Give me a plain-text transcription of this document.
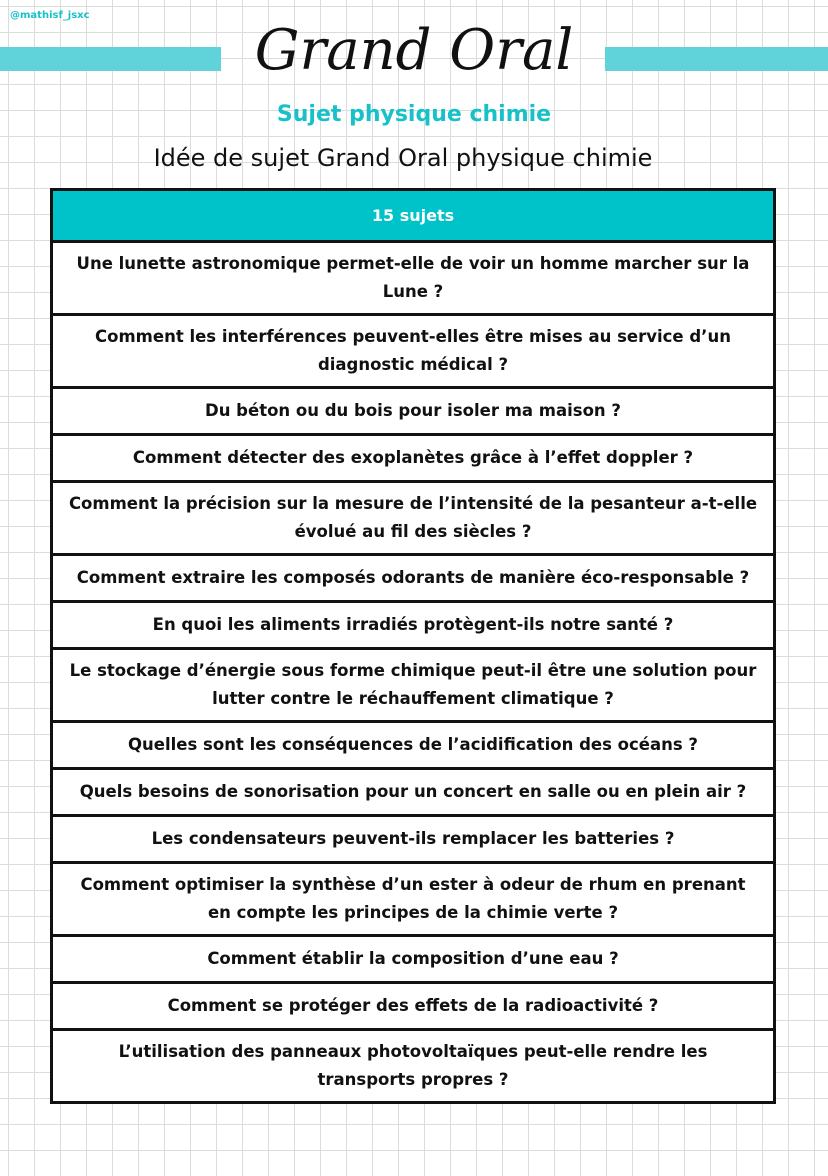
@mathisf_jsxc
Grand Oral
Sujet physique chimie
Idée de sujet Grand Oral physique chimie
15 sujets
Une lunette astronomique permet-elle de voir un homme marcher sur la Lune ?
Comment les interférences peuvent-elles être mises au service d’un diagnostic médical ?
Du béton ou du bois pour isoler ma maison ?
Comment détecter des exoplanètes grâce à l’effet doppler ?
Comment la précision sur la mesure de l’intensité de la pesanteur a-t-elle évolué au fil des siècles ?
Comment extraire les composés odorants de manière éco-responsable ?
En quoi les aliments irradiés protègent-ils notre santé ?
Le stockage d’énergie sous forme chimique peut-il être une solution pour lutter contre le réchauffement climatique ?
Quelles sont les conséquences de l’acidification des océans ?
Quels besoins de sonorisation pour un concert en salle ou en plein air ?
Les condensateurs peuvent-ils remplacer les batteries ?
Comment optimiser la synthèse d’un ester à odeur de rhum en prenant en compte les principes de la chimie verte ?
Comment établir la composition d’une eau ?
Comment se protéger des effets de la radioactivité ?
L’utilisation des panneaux photovoltaïques peut-elle rendre les transports propres ?
